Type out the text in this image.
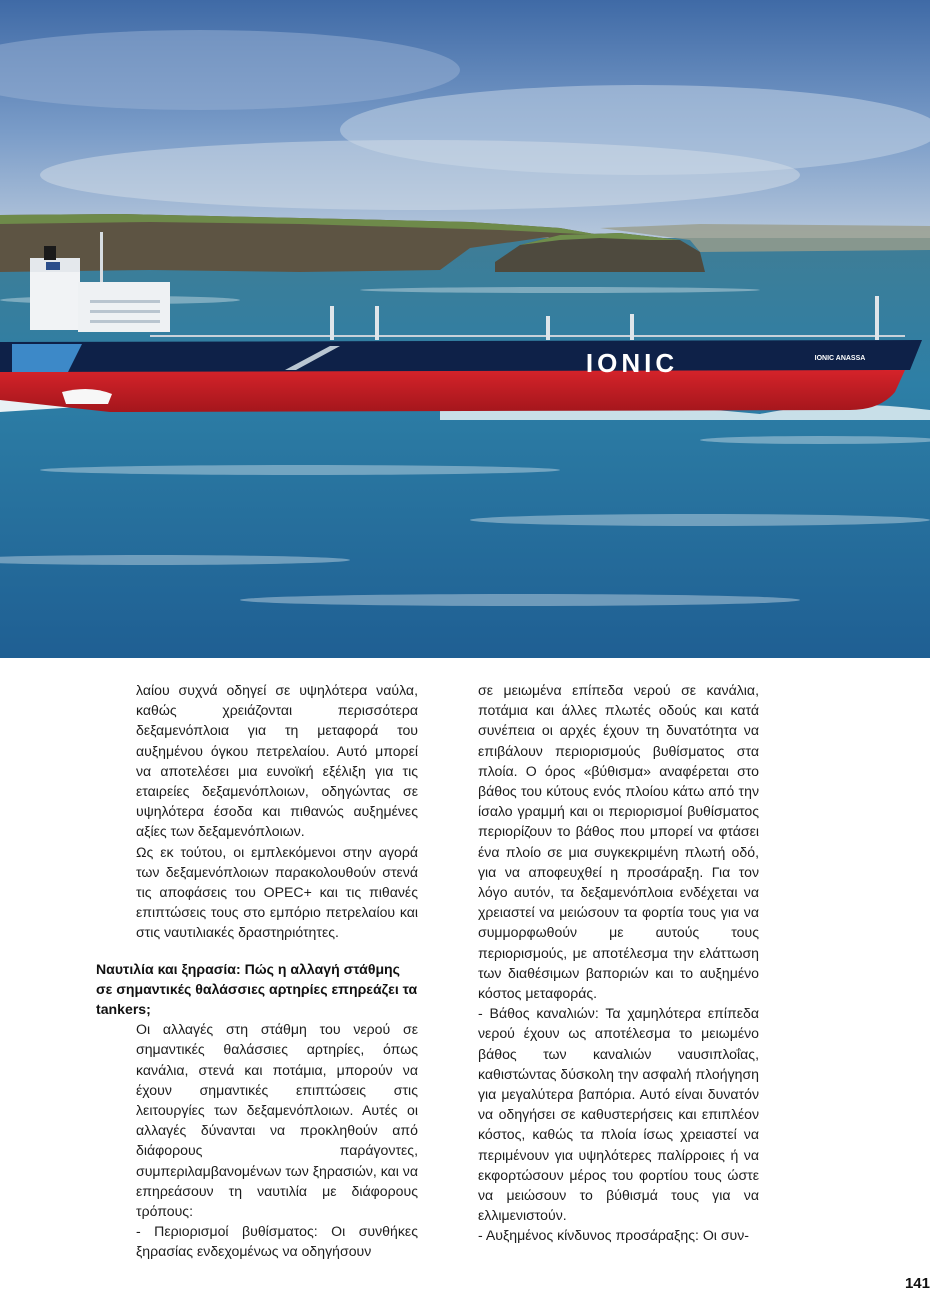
IONIC	IONIC ANASSA

λαίου συχνά οδηγεί σε υψηλότερα ναύλα, καθώς χρειάζονται περισσότερα δεξαμενόπλοια για τη μεταφορά του αυξημένου όγκου πετρελαίου. Αυτό μπορεί να αποτελέσει μια ευνοϊκή εξέλιξη για τις εταιρείες δεξαμενόπλοιων, οδηγώντας σε υψηλότερα έσοδα και πιθανώς αυξημένες αξίες των δεξαμενόπλοιων.

Ως εκ τούτου, οι εμπλεκόμενοι στην αγορά των δεξαμενόπλοιων παρακολουθούν στενά τις αποφάσεις του OPEC+ και τις πιθανές επιπτώσεις τους στο εμπόριο πετρελαίου και στις ναυτιλιακές δραστηριότητες.

Ναυτιλία και ξηρασία: Πώς η αλλαγή στάθμης σε σημαντικές θαλάσσιες αρτηρίες επηρεάζει τα tankers;

Οι αλλαγές στη στάθμη του νερού σε σημαντικές θαλάσσιες αρτηρίες, όπως κανάλια, στενά και ποτάμια, μπορούν να έχουν σημαντικές επιπτώσεις στις λειτουργίες των δεξαμενόπλοιων. Αυτές οι αλλαγές δύνανται να προκληθούν από διάφορους παράγοντες, συμπεριλαμβανομένων των ξηρασιών, και να επηρεάσουν τη ναυτιλία με διάφορους τρόπους:

- Περιορισμοί βυθίσματος: Οι συνθήκες ξηρασίας ενδεχομένως να οδηγήσουν

σε μειωμένα επίπεδα νερού σε κανάλια, ποτάμια και άλλες πλωτές οδούς και κατά συνέπεια οι αρχές έχουν τη δυνατότητα να επιβάλουν περιορισμούς βυθίσματος στα πλοία. Ο όρος «βύθισμα» αναφέρεται στο βάθος του κύτους ενός πλοίου κάτω από την ίσαλο γραμμή και οι περιορισμοί βυθίσματος περιορίζουν το βάθος που μπορεί να φτάσει ένα πλοίο σε μια συγκεκριμένη πλωτή οδό, για να αποφευχθεί η προσάραξη. Για τον λόγο αυτόν, τα δεξαμενόπλοια ενδέχεται να χρειαστεί να μειώσουν τα φορτία τους για να συμμορφωθούν με αυτούς τους περιορισμούς, με αποτέλεσμα την ελάττωση των διαθέσιμων βαποριών και το αυξημένο κόστος μεταφοράς.

- Βάθος καναλιών: Τα χαμηλότερα επίπεδα νερού έχουν ως αποτέλεσμα το μειωμένο βάθος των καναλιών ναυσιπλοΐας, καθιστώντας δύσκολη την ασφαλή πλοήγηση για μεγαλύτερα βαπόρια. Αυτό είναι δυνατόν να οδηγήσει σε καθυστερήσεις και επιπλέον κόστος, καθώς τα πλοία ίσως χρειαστεί να περιμένουν για υψηλότερες παλίρροιες ή να εκφορτώσουν μέρος του φορτίου τους ώστε να μειώσουν το βύθισμά τους για να ελλιμενιστούν.

- Αυξημένος κίνδυνος προσάραξης: Οι συν-

141
